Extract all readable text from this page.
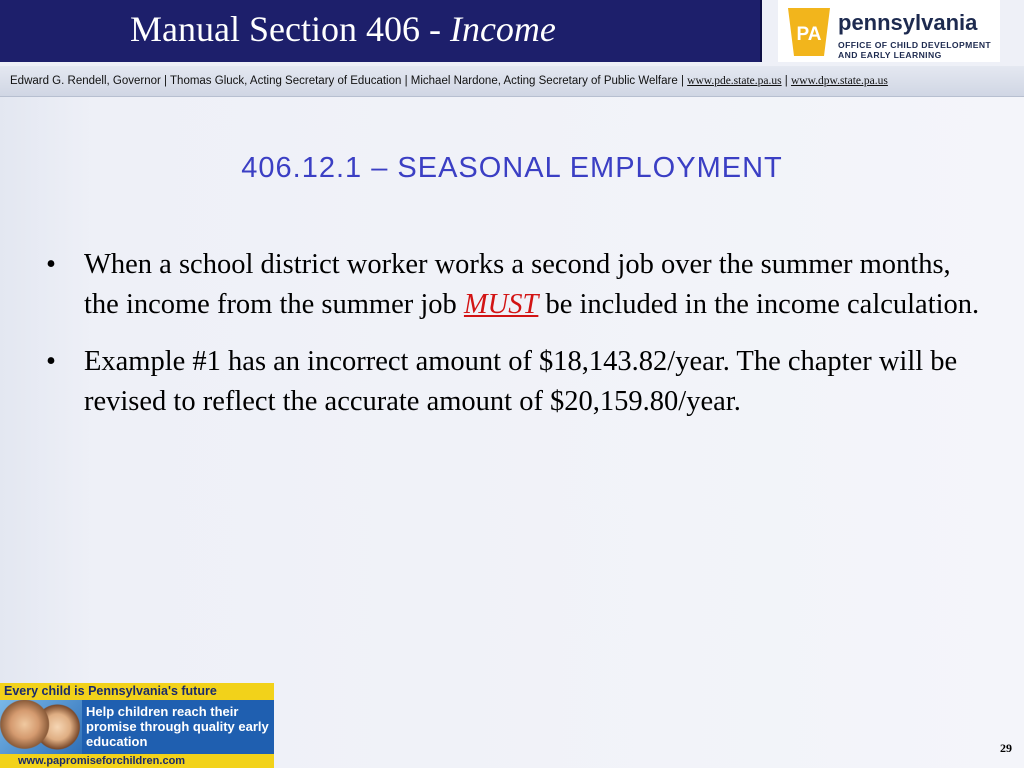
Manual Section 406 - Income	PA pennsylvania
OFFICE OF CHILD DEVELOPMENT AND EARLY LEARNING
Edward G. Rendell, Governor | Thomas Gluck, Acting Secretary of Education | Michael Nardone, Acting Secretary of Public Welfare | www.pde.state.pa.us | www.dpw.state.pa.us
406.12.1 – SEASONAL EMPLOYMENT
• When a school district worker works a second job over the summer months, the income from the summer job MUST be included in the income calculation.
• Example #1 has an incorrect amount of $18,143.82/year. The chapter will be revised to reflect the accurate amount of $20,159.80/year.
Every child is Pennsylvania's future
Help children reach their promise through quality early education
www.papromiseforchildren.com
29
